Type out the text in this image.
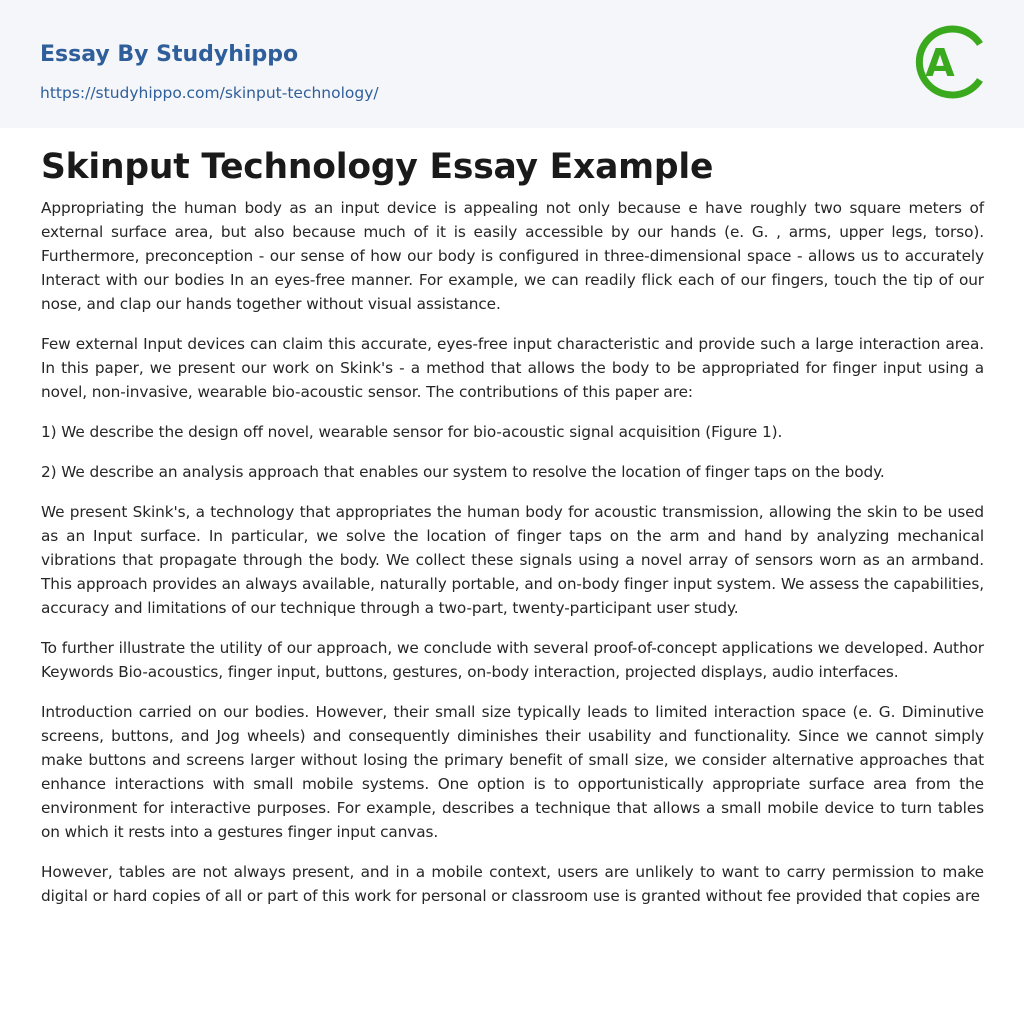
Essay By Studyhippo
https://studyhippo.com/skinput-technology/
A
Skinput Technology Essay Example

Appropriating the human body as an input device is appealing not only because e have roughly two square meters of external surface area, but also because much of it is easily accessible by our hands (e. G. , arms, upper legs, torso). Furthermore, preconception - our sense of how our body is configured in three-dimensional space - allows us to accurately Interact with our bodies In an eyes-free manner. For example, we can readily flick each of our fingers, touch the tip of our nose, and clap our hands together without visual assistance.

Few external Input devices can claim this accurate, eyes-free input characteristic and provide such a large interaction area. In this paper, we present our work on Skink's - a method that allows the body to be appropriated for finger input using a novel, non-invasive, wearable bio-acoustic sensor. The contributions of this paper are:

1) We describe the design off novel, wearable sensor for bio-acoustic signal acquisition (Figure 1).

2) We describe an analysis approach that enables our system to resolve the location of finger taps on the body.

We present Skink's, a technology that appropriates the human body for acoustic transmission, allowing the skin to be used as an Input surface. In particular, we solve the location of finger taps on the arm and hand by analyzing mechanical vibrations that propagate through the body. We collect these signals using a novel array of sensors worn as an armband. This approach provides an always available, naturally portable, and on-body finger input system. We assess the capabilities, accuracy and limitations of our technique through a two-part, twenty-participant user study.

To further illustrate the utility of our approach, we conclude with several proof-of-concept applications we developed. Author Keywords Bio-acoustics, finger input, buttons, gestures, on-body interaction, projected displays, audio interfaces.

Introduction carried on our bodies. However, their small size typically leads to limited interaction space (e. G. Diminutive screens, buttons, and Jog wheels) and consequently diminishes their usability and functionality. Since we cannot simply make buttons and screens larger without losing the primary benefit of small size, we consider alternative approaches that enhance interactions with small mobile systems. One option is to opportunistically appropriate surface area from the environment for interactive purposes. For example, describes a technique that allows a small mobile device to turn tables on which it rests into a gestures finger input canvas.

However, tables are not always present, and in a mobile context, users are unlikely to want to carry permission to make digital or hard copies of all or part of this work for personal or classroom use is granted without fee provided that copies are
